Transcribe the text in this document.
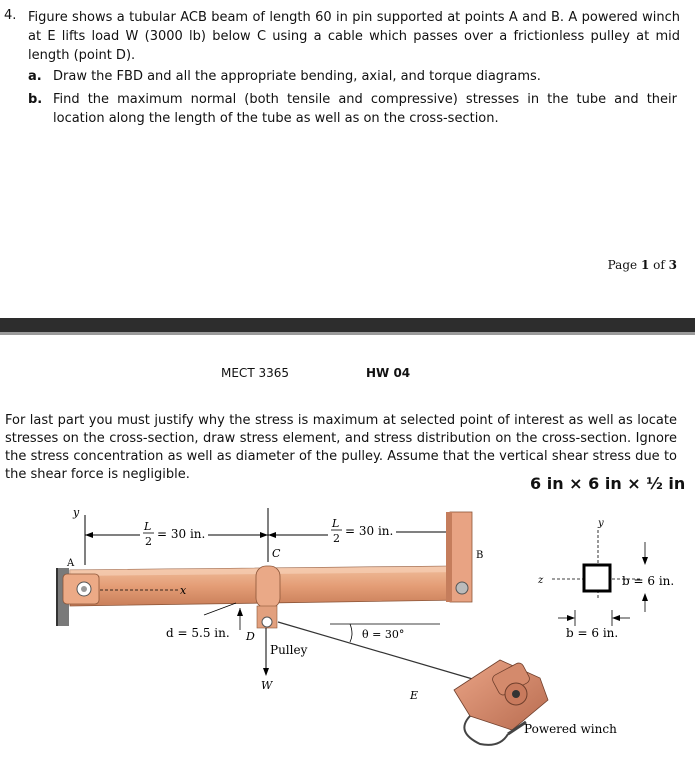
4. Figure shows a tubular ACB beam of length 60 in pin supported at points A and B. A powered winch at E lifts load W (3000 lb) below C using a cable which passes over a frictionless pulley at mid length (point D).
a. Draw the FBD and all the appropriate bending, axial, and torque diagrams.
b. Find the maximum normal (both tensile and compressive) stresses in the tube and their location along the length of the tube as well as on the cross-section.
Page 1 of 3
MECT 3365	HW 04
For last part you must justify why the stress is maximum at selected point of interest as well as locate stresses on the cross-section, draw stress element, and stress distribution on the cross-section. Ignore the stress concentration as well as diameter of the pulley. Assume that the vertical shear stress due to the shear force is negligible.	6 in × 6 in × ½ in
y
L
2
= 30 in.
L
2
= 30 in.
A
x
B
C
d = 5.5 in. D
Pulley
W
θ = 30°
E
Powered winch
y
z	b = 6 in.
b = 6 in.
